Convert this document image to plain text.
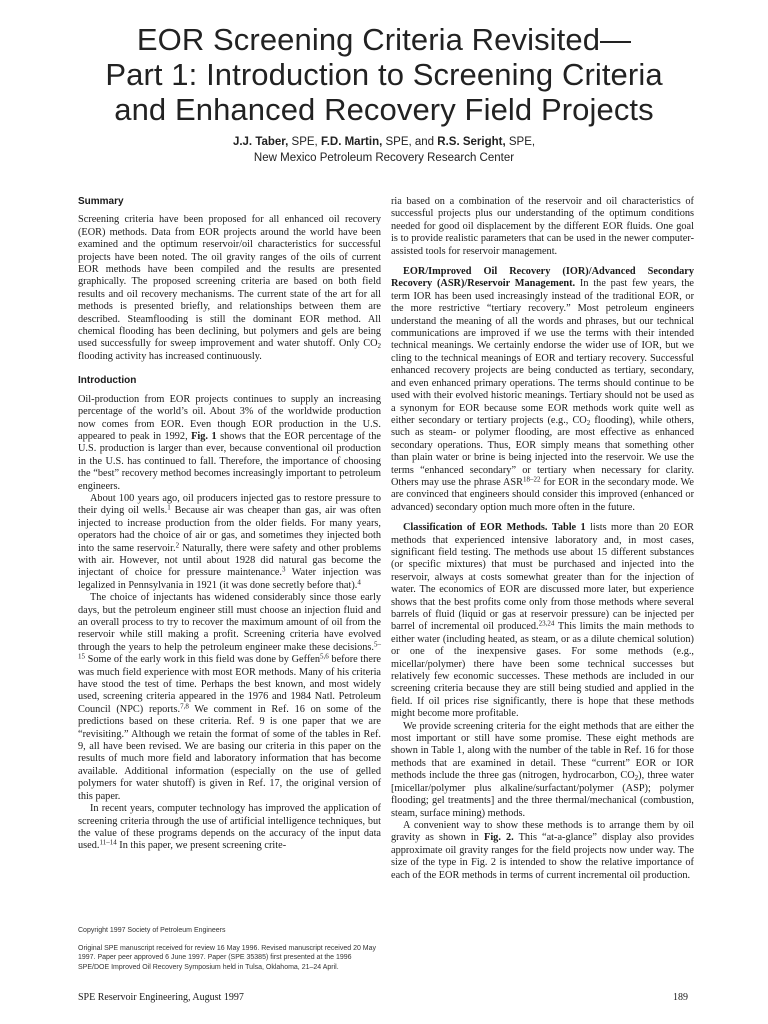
EOR Screening Criteria Revisited—
Part 1: Introduction to Screening Criteria
and Enhanced Recovery Field Projects
J.J. Taber, SPE, F.D. Martin, SPE, and R.S. Seright, SPE,
New Mexico Petroleum Recovery Research Center
Summary

Screening criteria have been proposed for all enhanced oil recovery (EOR) methods. Data from EOR projects around the world have been examined and the optimum reservoir/oil characteristics for successful projects have been noted. The oil gravity ranges of the oils of current EOR methods have been compiled and the results are presented graphically. The proposed screening criteria are based on both field results and oil recovery mechanisms. The current state of the art for all methods is presented briefly, and relationships between them are described. Steamflooding is still the dominant EOR method. All chemical flooding has been declining, but polymers and gels are being used successfully for sweep improvement and water shutoff. Only $CO_2$ flooding activity has increased continuously.

Introduction

Oil-production from EOR projects continues to supply an increasing percentage of the world’s oil. About 3% of the worldwide production now comes from EOR. Even though EOR production in the U.S. appeared to peak in 1992, Fig. 1 shows that the EOR percentage of the U.S. production is larger than ever, because conventional oil production in the U.S. has continued to fall. Therefore, the importance of choosing the “best” recovery method becomes increasingly important to petroleum engineers.

About 100 years ago, oil producers injected gas to restore pressure to their dying oil wells.$^1$ Because air was cheaper than gas, air was often injected to increase production from the older fields. For many years, operators had the choice of air or gas, and sometimes they injected both into the same reservoir.$^2$ Naturally, there were safety and other problems with air. However, not until about 1928 did natural gas become the injectant of choice for pressure maintenance.$^3$ Water injection was legalized in Pennsylvania in 1921 (it was done secretly before that).$^4$

The choice of injectants has widened considerably since those early days, but the petroleum engineer still must choose an injection fluid and an overall process to try to recover the maximum amount of oil from the reservoir while still making a profit. Screening criteria have evolved through the years to help the petroleum engineer make these decisions.$^{5-15}$ Some of the early work in this field was done by Geffen$^{5,6}$ before there was much field experience with most EOR methods. Many of his criteria have stood the test of time. Perhaps the best known, and most widely used, screening criteria appeared in the 1976 and 1984 Natl. Petroleum Council (NPC) reports.$^{7,8}$ We comment in Ref. 16 on some of the predictions based on these criteria. Ref. 9 is one paper that we are “revisiting.” Although we retain the format of some of the tables in Ref. 9, all have been revised. We are basing our criteria in this paper on the results of much more field and laboratory information that has become available. Additional information (especially on the use of gelled polymers for water shutoff) is given in Ref. 17, the original version of this paper.

In recent years, computer technology has improved the application of screening criteria through the use of artificial intelligence techniques, but the value of these programs depends on the accuracy of the input data used.$^{11-14}$ In this paper, we present screening crite-

ria based on a combination of the reservoir and oil characteristics of successful projects plus our understanding of the optimum conditions needed for good oil displacement by the different EOR fluids. One goal is to provide realistic parameters that can be used in the newer computer-assisted tools for reservoir management.

EOR/Improved Oil Recovery (IOR)/Advanced Secondary Recovery (ASR)/Reservoir Management. In the past few years, the term IOR has been used increasingly instead of the traditional EOR, or the more restrictive “tertiary recovery.” Most petroleum engineers understand the meaning of all the words and phrases, but our technical communications are improved if we use the terms with their intended technical meanings. We certainly endorse the wider use of IOR, but we cling to the technical meanings of EOR and tertiary recovery. Successful enhanced recovery projects are being conducted as tertiary, secondary, and even enhanced primary operations. The terms should continue to be used with their evolved historic meanings. Tertiary should not be used as a synonym for EOR because some EOR methods work quite well as either secondary or tertiary projects (e.g., $CO_2$ flooding), while others, such as steam- or polymer flooding, are most effective as enhanced secondary operations. Thus, EOR simply means that something other than plain water or brine is being injected into the reservoir. We use the terms “enhanced secondary” or tertiary when necessary for clarity. Others may use the phrase ASR$^{18-22}$ for EOR in the secondary mode. We are convinced that engineers should consider this improved (enhanced or advanced) secondary option much more often in the future.

Classification of EOR Methods. Table 1 lists more than 20 EOR methods that experienced intensive laboratory and, in most cases, significant field testing. The methods use about 15 different substances (or specific mixtures) that must be purchased and injected into the reservoir, always at costs somewhat greater than for the injection of water. The economics of EOR are discussed more later, but experience shows that the best profits come only from those methods where several barrels of fluid (liquid or gas at reservoir pressure) can be injected per barrel of incremental oil produced.$^{23,24}$ This limits the main methods to either water (including heated, as steam, or as a dilute chemical solution) or one of the inexpensive gases. For some methods (e.g., micellar/polymer) there have been some technical successes but relatively few economic successes. These methods are included in our screening criteria because they are still being studied and applied in the field. If oil prices rise significantly, there is hope that these methods might become more profitable.

We provide screening criteria for the eight methods that are either the most important or still have some promise. These eight methods are shown in Table 1, along with the number of the table in Ref. 16 for those methods that are examined in detail. These “current” EOR or IOR methods include the three gas (nitrogen, hydrocarbon, $CO_2$), three water [micellar/polymer plus alkaline/surfactant/polymer (ASP); polymer flooding; gel treatments] and the three thermal/mechanical (combustion, steam, surface mining) methods.

A convenient way to show these methods is to arrange them by oil gravity as shown in Fig. 2. This “at-a-glance” display also provides approximate oil gravity ranges for the field projects now under way. The size of the type in Fig. 2 is intended to show the relative importance of each of the EOR methods in terms of current incremental oil production.

Copyright 1997 Society of Petroleum Engineers
Original SPE manuscript received for review 16 May 1996. Revised manuscript received 20 May 1997. Paper peer approved 6 June 1997. Paper (SPE 35385) first presented at the 1996 SPE/DOE Improved Oil Recovery Symposium held in Tulsa, Oklahoma, 21–24 April.
SPE Reservoir Engineering, August 1997	189
